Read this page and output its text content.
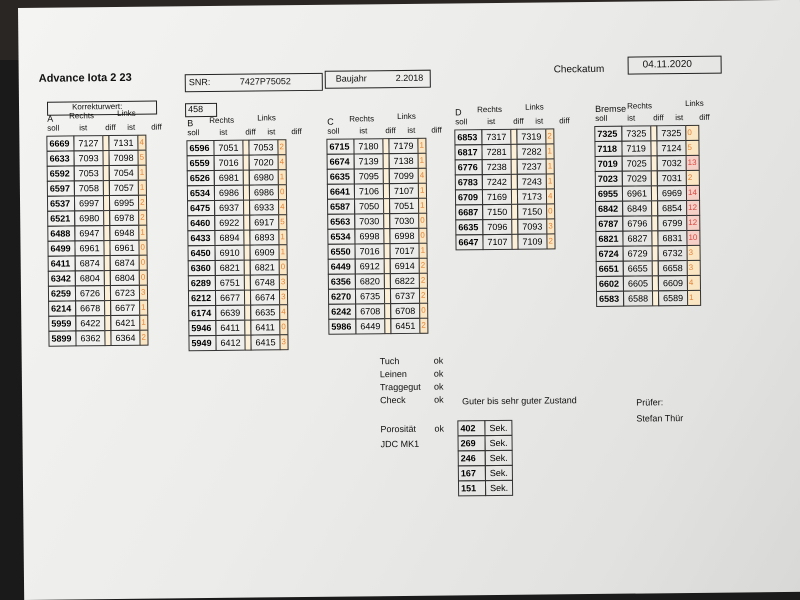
Advance Iota 2 23	SNR:	7427P75052	Baujahr	2.2018
Checkatum	04.11.2020
Korrekturwert:	458
A Rechts	Links
soll ist diff ist diff
6669 7127	7131 4
6633 7093	7098 5
6592 7053	7054 1
6597 7058	7057 1
6537 6997	6995 2
6521 6980	6978 2
6488 6947	6948 1
6499 6961	6961 0
6411	6874	6874 0
6342 6804	6804 0
6259 6726	6723 3
6214 6678	6677 1
5959 6422	6421 1
5899 6362	6364 2
B Rechts	Links
soll ist diff ist diff
6596 7051	7053 2
6559 7016	7020 4
6526 6981	6980 1
6534 6986	6986 0
6475 6937	6933 4
6460 6922	6917 5
6433 6894	6893 1
6450 6910	6909 1
6360 6821	6821 0
6289 6751	6748 3
6212 6677	6674 3
6174 6639	6635 4
5946 6411	6411 0
5949 6412	6415 3
C Rechts	Links
soll ist diff ist diff
6715 7180	7179 1
6674 7139	7138 1
6635 7095	7099 4
6641 7106	7107 1
6587 7050	7051 1
6563 7030	7030 0
6534 6998	6998 0
6550 7016	7017 1
6449 6912	6914 2
6356 6820	6822 2
6270 6735	6737 2
6242 6708	6708 0
5986 6449	6451 2
D Rechts	Links
soll ist diff ist diff
6853 7317	7319 2
6817 7281	7282 1
6776 7238	7237 1
6783 7242	7243 1
6709 7169	7173 4
6687 7150	7150 0
6635 7096	7093 3
6647 7107	7109 2
Bremse Rechts	Links
soll ist diff ist diff
7325 7325	7325 0
7118	7119	7124 5
7019 7025	7032 13
7023 7029	7031 2
6955 6961	6969 14
6842 6849	6854 12
6787 6796	6799 12
6821 6827	6831 10
6724 6729	6732 3
6651 6655	6658 3
6602 6605	6609 4
6583 6588	6589 1
Tuch	ok
Leinen	ok
Traggegut ok
Check	ok Guter bis sehr guter Zustand
Porosität ok
JDC MK1
402	Sek.
269	Sek.
246	Sek.
167	Sek.
151	Sek.
Prüfer:
Stefan Thür
